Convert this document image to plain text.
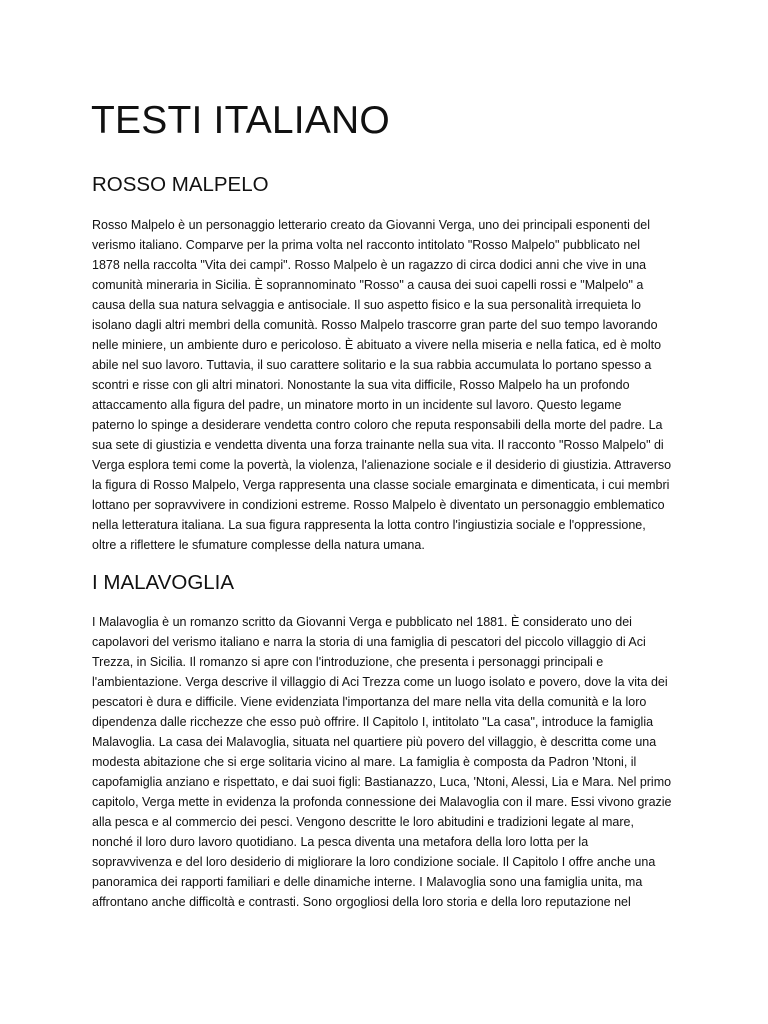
TESTI ITALIANO
ROSSO MALPELO
Rosso Malpelo è un personaggio letterario creato da Giovanni Verga, uno dei principali esponenti del
verismo italiano. Comparve per la prima volta nel racconto intitolato "Rosso Malpelo" pubblicato nel
1878 nella raccolta "Vita dei campi". Rosso Malpelo è un ragazzo di circa dodici anni che vive in una
comunità mineraria in Sicilia. È soprannominato "Rosso" a causa dei suoi capelli rossi e "Malpelo" a
causa della sua natura selvaggia e antisociale. Il suo aspetto fisico e la sua personalità irrequieta lo
isolano dagli altri membri della comunità. Rosso Malpelo trascorre gran parte del suo tempo lavorando
nelle miniere, un ambiente duro e pericoloso. È abituato a vivere nella miseria e nella fatica, ed è molto
abile nel suo lavoro. Tuttavia, il suo carattere solitario e la sua rabbia accumulata lo portano spesso a
scontri e risse con gli altri minatori. Nonostante la sua vita difficile, Rosso Malpelo ha un profondo
attaccamento alla figura del padre, un minatore morto in un incidente sul lavoro. Questo legame
paterno lo spinge a desiderare vendetta contro coloro che reputa responsabili della morte del padre. La
sua sete di giustizia e vendetta diventa una forza trainante nella sua vita. Il racconto "Rosso Malpelo" di
Verga esplora temi come la povertà, la violenza, l'alienazione sociale e il desiderio di giustizia. Attraverso
la figura di Rosso Malpelo, Verga rappresenta una classe sociale emarginata e dimenticata, i cui membri
lottano per sopravvivere in condizioni estreme. Rosso Malpelo è diventato un personaggio emblematico
nella letteratura italiana. La sua figura rappresenta la lotta contro l'ingiustizia sociale e l'oppressione,
oltre a riflettere le sfumature complesse della natura umana.
I MALAVOGLIA
I Malavoglia è un romanzo scritto da Giovanni Verga e pubblicato nel 1881. È considerato uno dei
capolavori del verismo italiano e narra la storia di una famiglia di pescatori del piccolo villaggio di Aci
Trezza, in Sicilia. Il romanzo si apre con l'introduzione, che presenta i personaggi principali e
l'ambientazione. Verga descrive il villaggio di Aci Trezza come un luogo isolato e povero, dove la vita dei
pescatori è dura e difficile. Viene evidenziata l'importanza del mare nella vita della comunità e la loro
dipendenza dalle ricchezze che esso può offrire. Il Capitolo I, intitolato "La casa", introduce la famiglia
Malavoglia. La casa dei Malavoglia, situata nel quartiere più povero del villaggio, è descritta come una
modesta abitazione che si erge solitaria vicino al mare. La famiglia è composta da Padron 'Ntoni, il
capofamiglia anziano e rispettato, e dai suoi figli: Bastianazzo, Luca, 'Ntoni, Alessi, Lia e Mara. Nel primo
capitolo, Verga mette in evidenza la profonda connessione dei Malavoglia con il mare. Essi vivono grazie
alla pesca e al commercio dei pesci. Vengono descritte le loro abitudini e tradizioni legate al mare,
nonché il loro duro lavoro quotidiano. La pesca diventa una metafora della loro lotta per la
sopravvivenza e del loro desiderio di migliorare la loro condizione sociale. Il Capitolo I offre anche una
panoramica dei rapporti familiari e delle dinamiche interne. I Malavoglia sono una famiglia unita, ma
affrontano anche difficoltà e contrasti. Sono orgogliosi della loro storia e della loro reputazione nel
